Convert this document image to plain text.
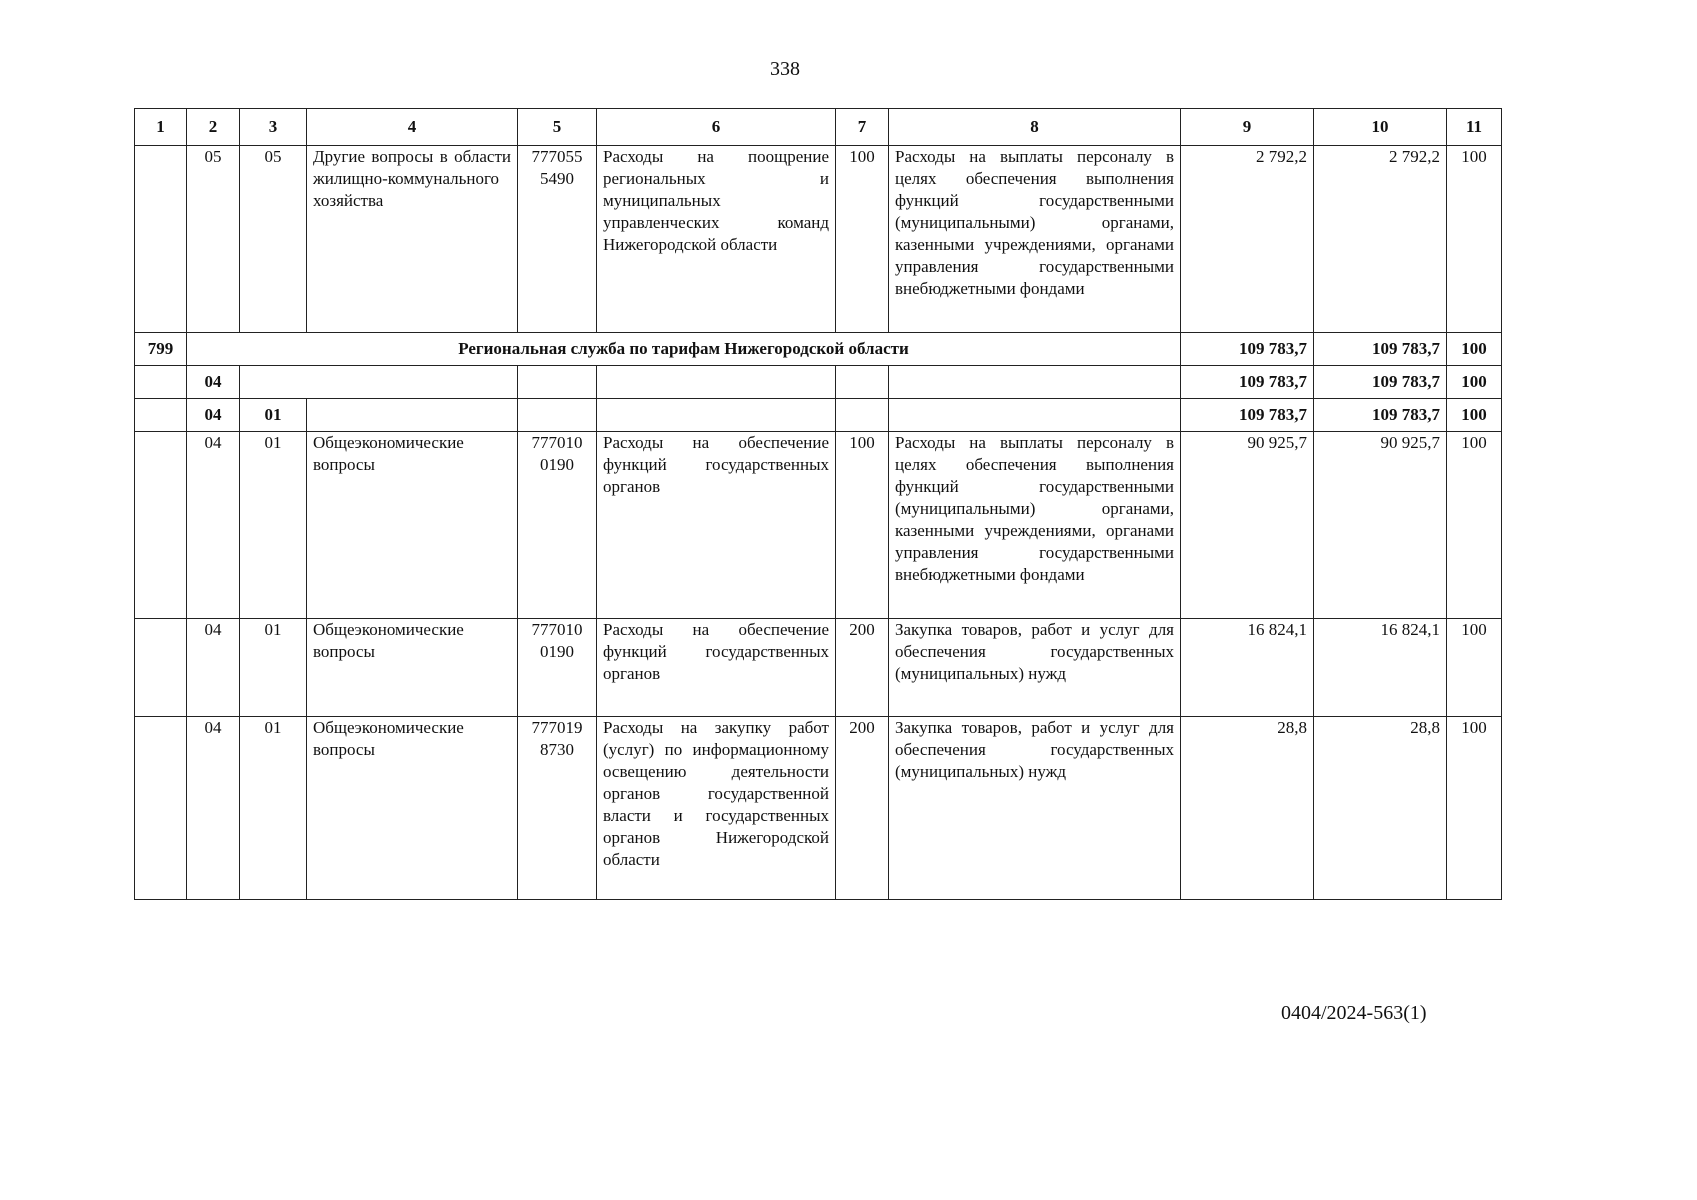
338
1	2	3	4	5	6	7	8	9	10	11
	05	05	Другие вопросы в области жилищно-коммунального хозяйства	777055 5490	Расходы на поощрение региональных и муниципальных управленческих команд Нижегородской области	100	Расходы на выплаты персоналу в целях обеспечения выполнения функций государственными (муниципальными) органами, казенными учреждениями, органами управления государственными внебюджетными фондами	2 792,2	2 792,2	100
799	Региональная служба по тарифам Нижегородской области							109 783,7	109 783,7	100
	04							109 783,7	109 783,7	100
	04	01						109 783,7	109 783,7	100
	04	01	Общеэкономические вопросы	777010 0190	Расходы на обеспечение функций государственных органов	100	Расходы на выплаты персоналу в целях обеспечения выполнения функций государственными (муниципальными) органами, казенными учреждениями, органами управления государственными внебюджетными фондами	90 925,7	90 925,7	100
	04	01	Общеэкономические вопросы	777010 0190	Расходы на обеспечение функций государственных органов	200	Закупка товаров, работ и услуг для обеспечения государственных (муниципальных) нужд	16 824,1	16 824,1	100
	04	01	Общеэкономические вопросы	777019 8730	Расходы на закупку работ (услуг) по информационному освещению деятельности органов государственной власти и государственных органов Нижегородской области	200	Закупка товаров, работ и услуг для обеспечения государственных (муниципальных) нужд	28,8	28,8	100
0404/2024-563(1)
